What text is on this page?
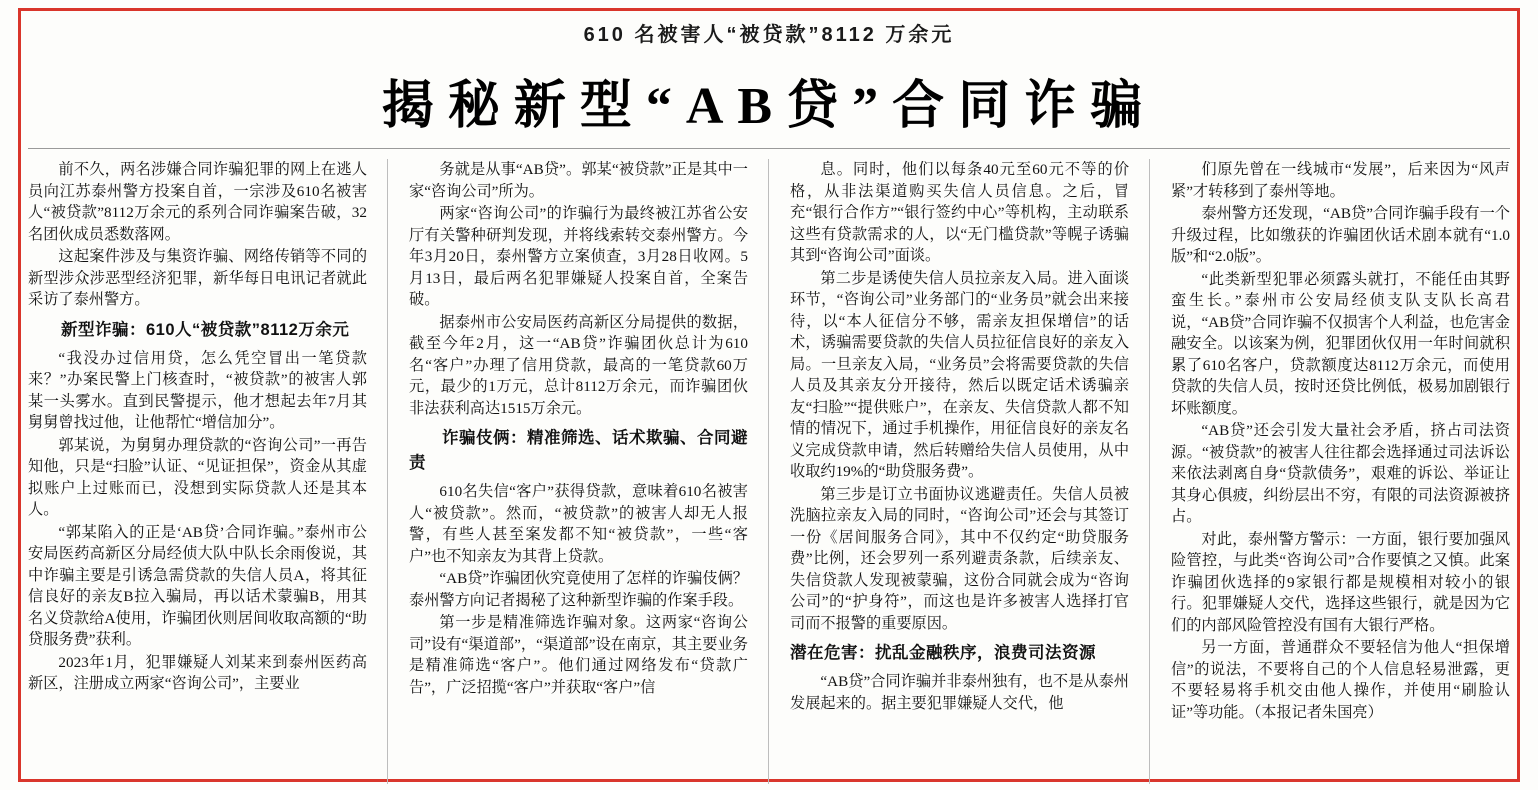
610 名被害人“被贷款”8112 万余元
揭秘新型“AB贷”合同诈骗

前不久，两名涉嫌合同诈骗犯罪的网上在逃人员向江苏泰州警方投案自首，一宗涉及610名被害人“被贷款”8112万余元的系列合同诈骗案告破，32名团伙成员悉数落网。

这起案件涉及与集资诈骗、网络传销等不同的新型涉众涉恶型经济犯罪，新华每日电讯记者就此采访了泰州警方。

新型诈骗：610人“被贷款”8112万余元

“我没办过信用贷，怎么凭空冒出一笔贷款来？”办案民警上门核查时，“被贷款”的被害人郭某一头雾水。直到民警提示，他才想起去年7月其舅舅曾找过他，让他帮忙“增信加分”。

郭某说，为舅舅办理贷款的“咨询公司”一再告知他，只是“扫脸”认证、“见证担保”，资金从其虚拟账户上过账而已，没想到实际贷款人还是其本人。

“郭某陷入的正是‘AB贷’合同诈骗。”泰州市公安局医药高新区分局经侦大队中队长余雨俊说，其中诈骗主要是引诱急需贷款的失信人员A，将其征信良好的亲友B拉入骗局，再以话术蒙骗B，用其名义贷款给A使用，诈骗团伙则居间收取高额的“助贷服务费”获利。

2023年1月，犯罪嫌疑人刘某来到泰州医药高新区，注册成立两家“咨询公司”，主要业

务就是从事“AB贷”。郭某“被贷款”正是其中一家“咨询公司”所为。

两家“咨询公司”的诈骗行为最终被江苏省公安厅有关警种研判发现，并将线索转交泰州警方。今年3月20日，泰州警方立案侦查，3月28日收网。5月13日，最后两名犯罪嫌疑人投案自首，全案告破。

据泰州市公安局医药高新区分局提供的数据，截至今年2月，这一“AB贷”诈骗团伙总计为610名“客户”办理了信用贷款，最高的一笔贷款60万元，最少的1万元，总计8112万余元，而诈骗团伙非法获利高达1515万余元。

诈骗伎俩：精准筛选、话术欺骗、合同避责

610名失信“客户”获得贷款，意味着610名被害人“被贷款”。然而，“被贷款”的被害人却无人报警，有些人甚至案发都不知“被贷款”，一些“客户”也不知亲友为其背上贷款。

“AB贷”诈骗团伙究竟使用了怎样的诈骗伎俩？泰州警方向记者揭秘了这种新型诈骗的作案手段。

第一步是精准筛选诈骗对象。这两家“咨询公司”设有“渠道部”，“渠道部”设在南京，其主要业务是精准筛选“客户”。他们通过网络发布“贷款广告”，广泛招揽“客户”并获取“客户”信

息。同时，他们以每条40元至60元不等的价格，从非法渠道购买失信人员信息。之后，冒充“银行合作方”“银行签约中心”等机构，主动联系这些有贷款需求的人，以“无门槛贷款”等幌子诱骗其到“咨询公司”面谈。

第二步是诱使失信人员拉亲友入局。进入面谈环节，“咨询公司”业务部门的“业务员”就会出来接待，以“本人征信分不够，需亲友担保增信”的话术，诱骗需要贷款的失信人员拉征信良好的亲友入局。一旦亲友入局，“业务员”会将需要贷款的失信人员及其亲友分开接待，然后以既定话术诱骗亲友“扫脸”“提供账户”，在亲友、失信贷款人都不知情的情况下，通过手机操作，用征信良好的亲友名义完成贷款申请，然后转赠给失信人员使用，从中收取约19%的“助贷服务费”。

第三步是订立书面协议逃避责任。失信人员被洗脑拉亲友入局的同时，“咨询公司”还会与其签订一份《居间服务合同》，其中不仅约定“助贷服务费”比例，还会罗列一系列避责条款，后续亲友、失信贷款人发现被蒙骗，这份合同就会成为“咨询公司”的“护身符”，而这也是许多被害人选择打官司而不报警的重要原因。

潜在危害：扰乱金融秩序，浪费司法资源

“AB贷”合同诈骗并非泰州独有，也不是从泰州发展起来的。据主要犯罪嫌疑人交代，他

们原先曾在一线城市“发展”，后来因为“风声紧”才转移到了泰州等地。

泰州警方还发现，“AB贷”合同诈骗手段有一个升级过程，比如缴获的诈骗团伙话术剧本就有“1.0版”和“2.0版”。

“此类新型犯罪必须露头就打，不能任由其野蛮生长。”泰州市公安局经侦支队支队长高君说，“AB贷”合同诈骗不仅损害个人利益，也危害金融安全。以该案为例，犯罪团伙仅用一年时间就积累了610名客户，贷款额度达8112万余元，而使用贷款的失信人员，按时还贷比例低，极易加剧银行坏账额度。

“AB贷”还会引发大量社会矛盾，挤占司法资源。“被贷款”的被害人往往都会选择通过司法诉讼来依法剥离自身“贷款债务”，艰难的诉讼、举证让其身心俱疲，纠纷层出不穷，有限的司法资源被挤占。

对此，泰州警方警示：一方面，银行要加强风险管控，与此类“咨询公司”合作要慎之又慎。此案诈骗团伙选择的9家银行都是规模相对较小的银行。犯罪嫌疑人交代，选择这些银行，就是因为它们的内部风险管控没有国有大银行严格。

另一方面，普通群众不要轻信为他人“担保增信”的说法，不要将自己的个人信息轻易泄露，更不要轻易将手机交由他人操作，并使用“刷脸认证”等功能。（本报记者朱国亮）
